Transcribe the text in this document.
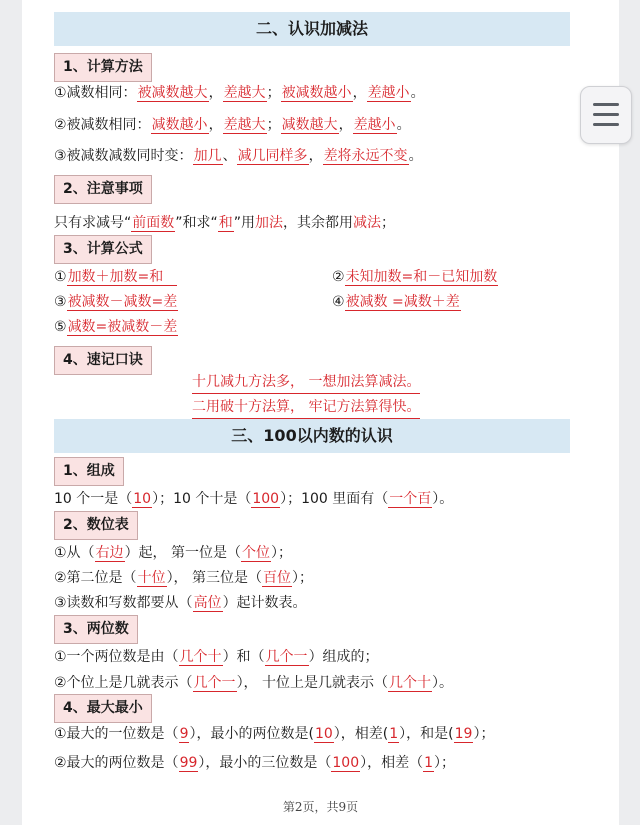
二、认识加减法
1、计算方法
①减数相同：被减数越大，差越大；被减数越小，差越小。
②被减数相同：减数越小，差越大；减数越大，差越小。
③被减数减数同时变：加几、减几同样多，差将永远不变。
2、注意事项
只有求减号“前面数”和求“和”用加法，其余都用减法；
3、计算公式
①加数＋加数=和	②未知加数=和－已知加数
③被减数－减数=差	④被减数 =减数＋差
⑤减数=被减数－差
4、速记口诀
十几减九方法多， 一想加法算减法。
二用破十方法算， 牢记方法算得快。
三、100以内数的认识
1、组成
10 个一是（10）；10 个十是（100）；100 里面有（一个百）。
2、数位表
①从（右边）起， 第一位是（个位）；
②第二位是（十位）， 第三位是（百位）；
③读数和写数都要从（高位）起计数表。
3、两位数
①一个两位数是由（几个十）和（几个一）组成的；
②个位上是几就表示（几个一）， 十位上是几就表示（几个十）。
4、最大最小
①最大的一位数是（9），最小的两位数是(10），相差(1），和是(19）；
②最大的两位数是（99），最小的三位数是（100），相差（1）；
第2页，共9页
